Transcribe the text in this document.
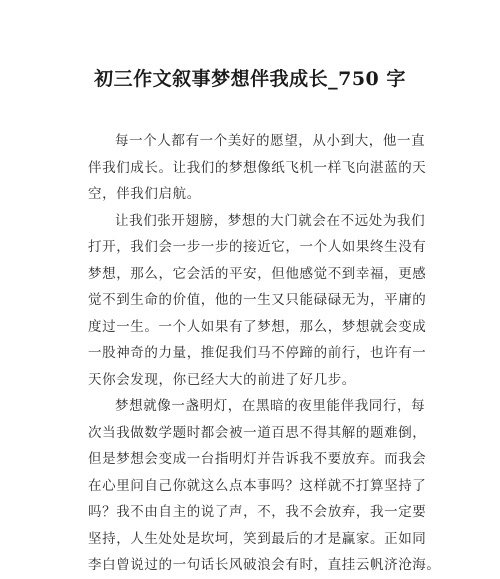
初三作文叙事梦想伴我成长_750 字
每一个人都有一个美好的愿望，从小到大，他一直
伴我们成长。让我们的梦想像纸飞机一样飞向湛蓝的天
空，伴我们启航。
让我们张开翅膀，梦想的大门就会在不远处为我们
打开，我们会一步一步的接近它，一个人如果终生没有
梦想，那么，它会活的平安，但他感觉不到幸福，更感
觉不到生命的价值，他的一生又只能碌碌无为，平庸的
度过一生。一个人如果有了梦想，那么，梦想就会变成
一股神奇的力量，推促我们马不停蹄的前行，也许有一
天你会发现，你已经大大的前进了好几步。
梦想就像一盏明灯，在黑暗的夜里能伴我同行，每
次当我做数学题时都会被一道百思不得其解的题难倒，
但是梦想会变成一台指明灯并告诉我不要放弃。而我会
在心里问自己你就这么点本事吗？这样就不打算坚持了
吗？我不由自主的说了声，不，我不会放弃，我一定要
坚持，人生处处是坎坷，笑到最后的才是赢家。正如同
李白曾说过的一句话长风破浪会有时，直挂云帆济沧海。
